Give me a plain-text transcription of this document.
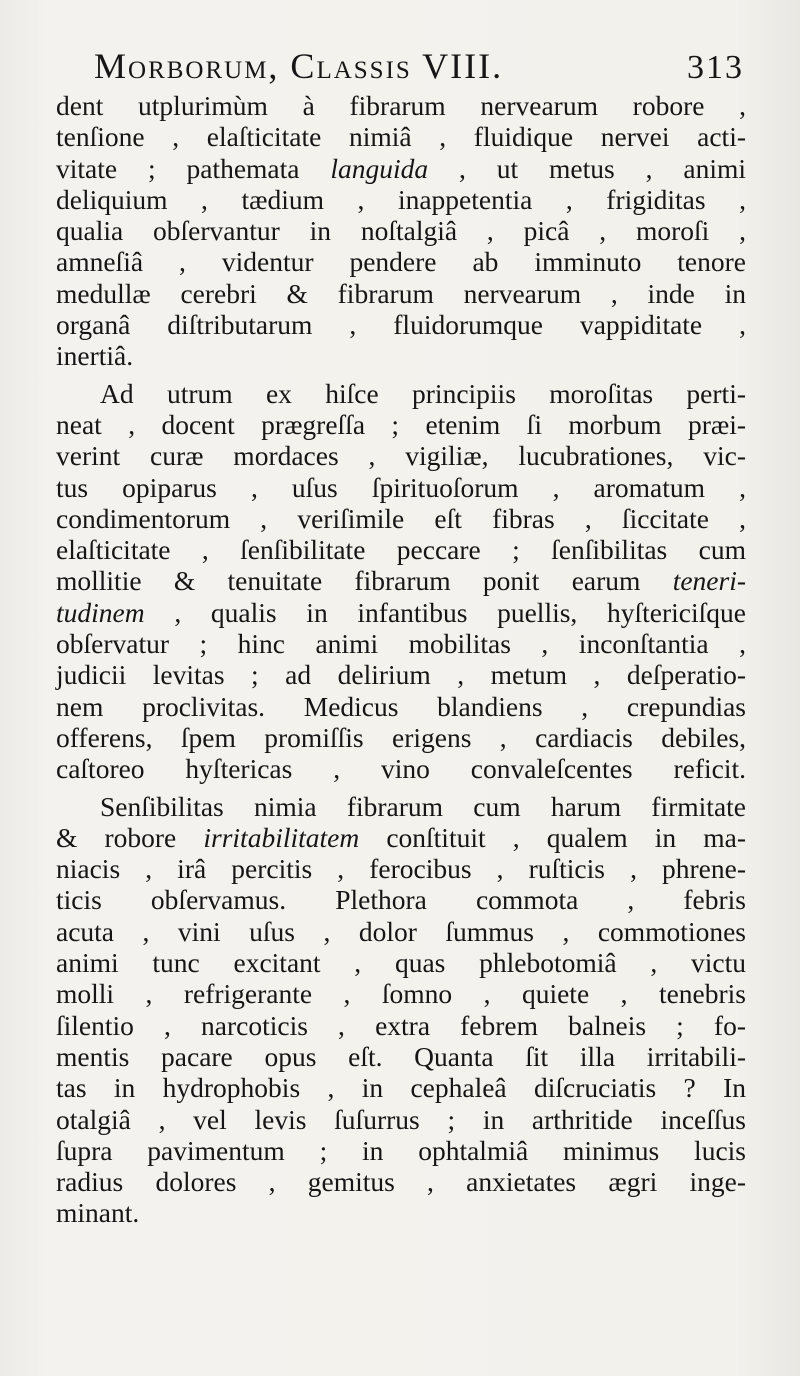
Morborum, Classis VIII.	313
dent utplurimùm à fibrarum nervearum robore ,
tenſione , elaſticitate nimiâ , fluidique nervei acti-
vitate ; pathemata languida , ut metus , animi
deliquium , tædium , inappetentia , frigiditas ,
qualia obſervantur in noſtalgiâ , picâ , moroſi ,
amneſiâ , videntur pendere ab imminuto tenore
medullæ cerebri & fibrarum nervearum , inde in
organâ diſtributarum , fluidorumque vappiditate ,
inertiâ.
Ad utrum ex hiſce principiis moroſitas perti-
neat , docent prægreſſa ; etenim ſi morbum præi-
verint curæ mordaces , vigiliæ, lucubrationes, vic-
tus opiparus , uſus ſpirituoſorum , aromatum ,
condimentorum , veriſimile eſt fibras , ſiccitate ,
elaſticitate , ſenſibilitate peccare ; ſenſibilitas cum
mollitie & tenuitate fibrarum ponit earum teneri-
tudinem , qualis in infantibus puellis, hyſtericiſque
obſervatur ; hinc animi mobilitas , inconſtantia ,
judicii levitas ; ad delirium , metum , deſperatio-
nem proclivitas. Medicus blandiens , crepundias
offerens, ſpem promiſſis erigens , cardiacis debiles,
caſtoreo hyſtericas , vino convaleſcentes reficit.
Senſibilitas nimia fibrarum cum harum firmitate
& robore irritabilitatem conſtituit , qualem in ma-
niacis , irâ percitis , ferocibus , ruſticis , phrene-
ticis obſervamus. Plethora commota , febris
acuta , vini uſus , dolor ſummus , commotiones
animi tunc excitant , quas phlebotomiâ , victu
molli , refrigerante , ſomno , quiete , tenebris
ſilentio , narcoticis , extra febrem balneis ; fo-
mentis pacare opus eſt. Quanta ſit illa irritabili-
tas in hydrophobis , in cephaleâ diſcruciatis ? In
otalgiâ , vel levis ſuſurrus ; in arthritide inceſſus
ſupra pavimentum ; in ophtalmiâ minimus lucis
radius dolores , gemitus , anxietates ægri inge-
minant.
